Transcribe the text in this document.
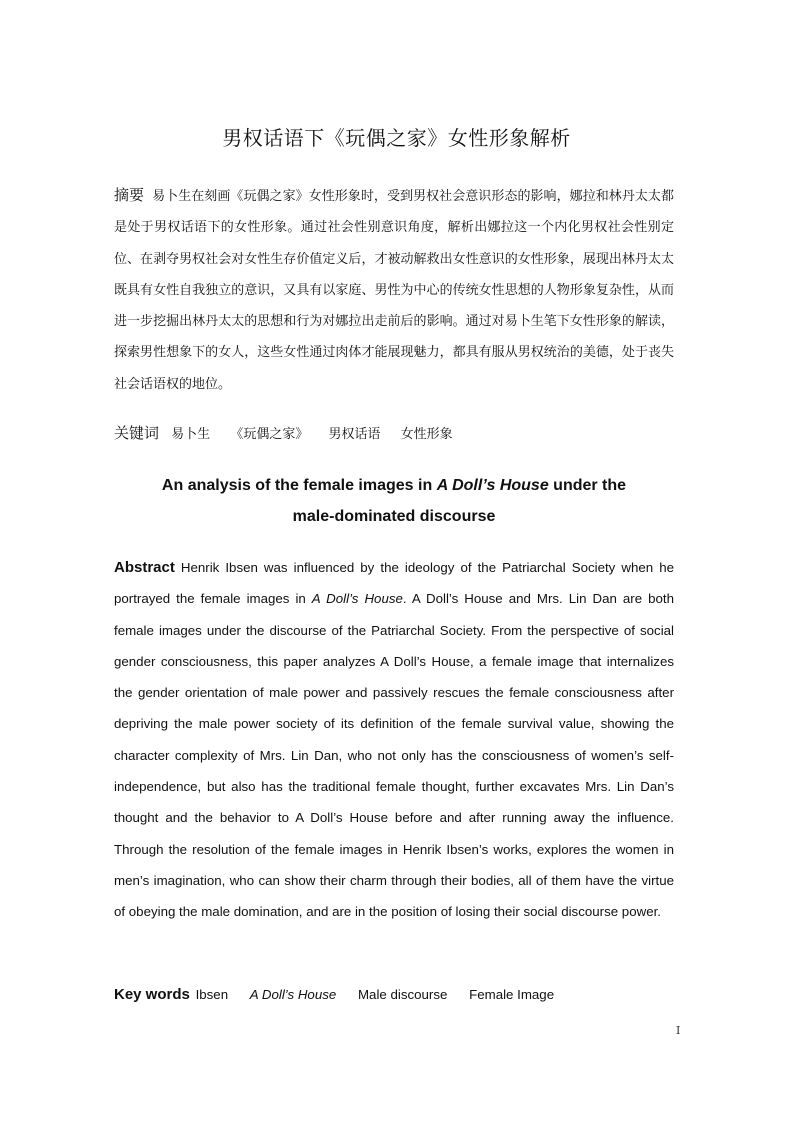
男权话语下《玩偶之家》女性形象解析
摘要 易卜生在刻画《玩偶之家》女性形象时，受到男权社会意识形态的影响，娜拉和林丹太太都是处于男权话语下的女性形象。通过社会性别意识角度，解析出娜拉这一个内化男权社会性别定位、在剥夺男权社会对女性生存价值定义后，才被动解救出女性意识的女性形象，展现出林丹太太既具有女性自我独立的意识，又具有以家庭、男性为中心的传统女性思想的人物形象复杂性，从而进一步挖掘出林丹太太的思想和行为对娜拉出走前后的影响。通过对易卜生笔下女性形象的解读，探索男性想象下的女人，这些女性通过肉体才能展现魅力，都具有服从男权统治的美德，处于丧失社会话语权的地位。
关键词 易卜生 《玩偶之家》 男权话语 女性形象
An analysis of the female images in A Doll’s House under the
male-dominated discourse
Abstract Henrik Ibsen was influenced by the ideology of the Patriarchal Society when he portrayed the female images in A Doll’s House. A Doll’s House and Mrs. Lin Dan are both female images under the discourse of the Patriarchal Society. From the perspective of social gender consciousness, this paper analyzes A Doll’s House, a female image that internalizes the gender orientation of male power and passively rescues the female consciousness after depriving the male power society of its definition of the female survival value, showing the character complexity of Mrs. Lin Dan, who not only has the consciousness of women’s self-independence, but also has the traditional female thought, further excavates Mrs. Lin Dan’s thought and the behavior to A Doll’s House before and after running away the influence. Through the resolution of the female images in Henrik Ibsen’s works, explores the women in men’s imagination, who can show their charm through their bodies, all of them have the virtue of obeying the male domination, and are in the position of losing their social discourse power.
Key words Ibsen A Doll’s House Male discourse Female Image
I
